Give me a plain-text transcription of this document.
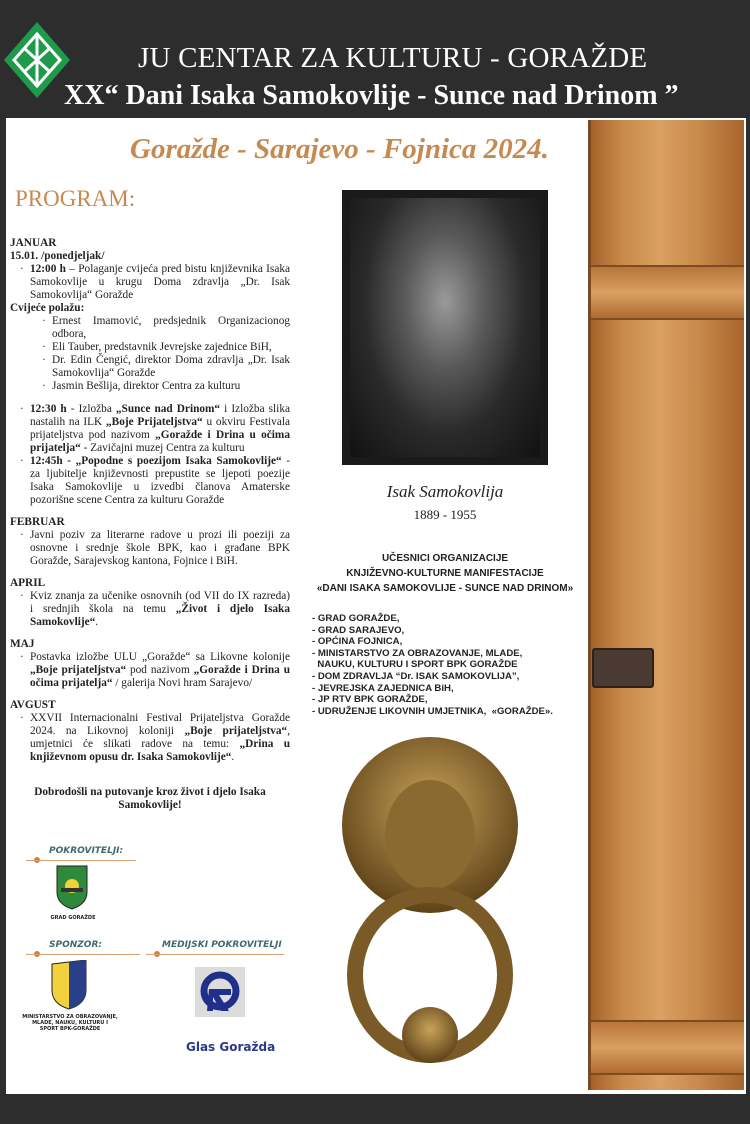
JU CENTAR ZA KULTURU - GORAŽDE
XX“ Dani Isaka Samokovlije - Sunce nad Drinom ”
Goražde - Sarajevo - Fojnica 2024.
PROGRAM:
JANUAR
15.01. /ponedjeljak/
· 12:00 h – Polaganje cvijeća pred bistu književnika Isaka Samokovlije u krugu Doma zdravlja „Dr. Isak Samokovlija“ Goražde
Cvijeće polažu:
· Ernest Imamović, predsjednik Organizacionog odbora,
· Eli Tauber, predstavnik Jevrejske zajednice BiH,
· Dr. Edin Čengić, direktor Doma zdravlja „Dr. Isak Samokovlija“ Goražde
· Jasmin Bešlija, direktor Centra za kulturu
· 12:30 h - Izložba „Sunce nad Drinom“ i Izložba slika nastalih na ILK „Boje Prijateljstva“ u okviru Festivala prijateljstva pod nazivom „Goražde i Drina u očima prijatelja“ - Zavičajni muzej Centra za kulturu
· 12:45h - „Popodne s poezijom Isaka Samokovlije“ - za ljubitelje književnosti prepustite se ljepoti poezije Isaka Samokovlije u izvedbi članova Amaterske pozorišne scene Centra za kulturu Goražde
FEBRUAR
· Javni poziv za literarne radove u prozi ili poeziji za osnovne i srednje škole BPK, kao i građane BPK Goražde, Sarajevskog kantona, Fojnice i BiH.
APRIL
· Kviz znanja za učenike osnovnih (od VII do IX razreda) i srednjih škola na temu „Život i djelo Isaka Samokovlije“.
MAJ
· Postavka izložbe ULU „Goražde“ sa Likovne kolonije „Boje prijateljstva“ pod nazivom „Goražde i Drina u očima prijatelja“ / galerija Novi hram Sarajevo/
AVGUST
· XXVII Internacionalni Festival Prijateljstva Goražde 2024. na Likovnoj koloniji „Boje prijateljstva“, umjetnici će slikati radove na temu: „Drina u književnom opusu dr. Isaka Samokovlije“.
Dobrodošli na putovanje kroz život i djelo Isaka Samokovlije!
Isak Samokovlija
1889 - 1955
UČESNICI ORGANIZACIJE
KNJIŽEVNO-KULTURNE MANIFESTACIJE
«DANI ISAKA SAMOKOVLIJE - SUNCE NAD DRINOM»
- GRAD GORAŽDE,
- GRAD SARAJEVO,
- OPĆINA FOJNICA,
- MINISTARSTVO ZA OBRAZOVANJE, MLADE,
NAUKU, KULTURU I SPORT BPK GORAŽDE
- DOM ZDRAVLJA “Dr. ISAK SAMOKOVLIJA”,
- JEVREJSKA ZAJEDNICA BiH,
- JP RTV BPK GORAŽDE,
- UDRUŽENJE LIKOVNIH UMJETNIKA,  «GORAŽDE».
POKROVITELJI:
GRAD GORAŽDE
SPONZOR:
MINISTARSTVO ZA OBRAZOVANJE, MLADE, NAUKU, KULTURU I SPORT BPK-GORAŽDE
MEDIJSKI POKROVITELJI
Glas Goražda
